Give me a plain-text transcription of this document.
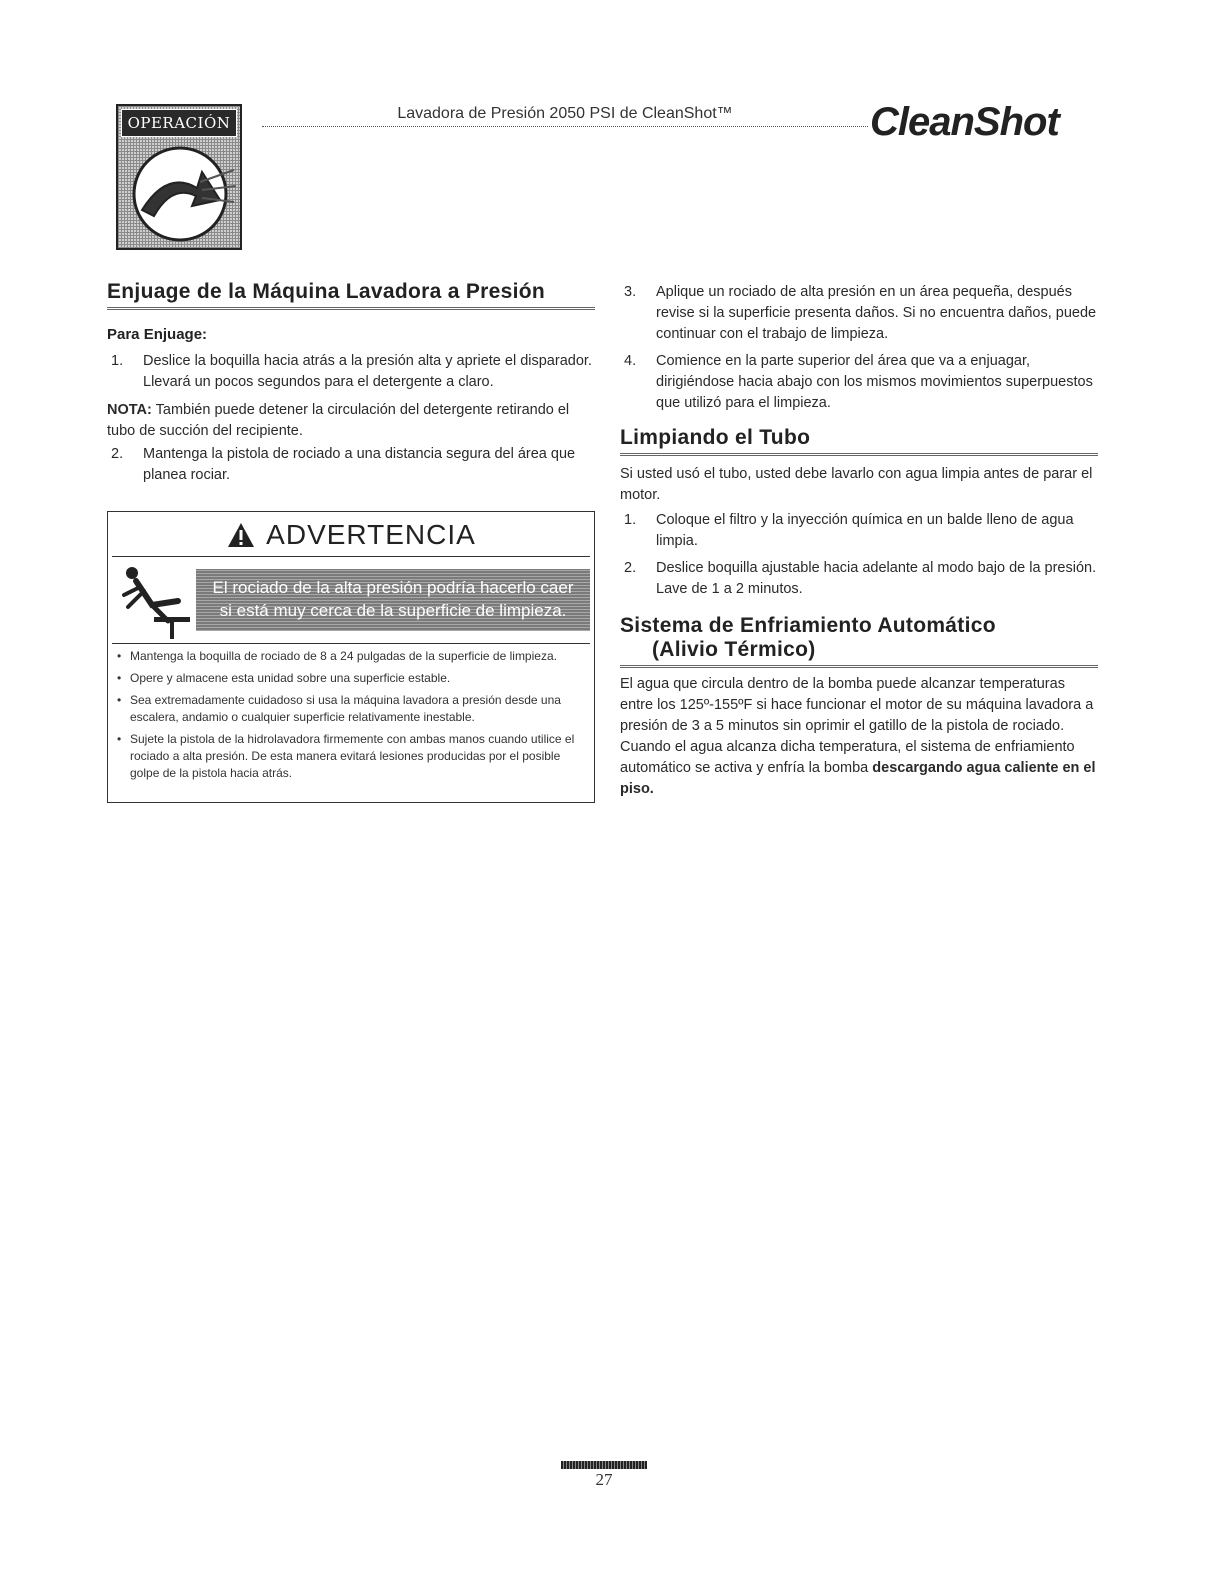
OPERACIÓN
Lavadora de Presión 2050 PSI de CleanShot™	CleanShot
Enjuage de la Máquina Lavadora a Presión
Para Enjuage:
1. Deslice la boquilla hacia atrás a la presión alta y apriete el disparador. Llevará un pocos segundos para el detergente a claro.
NOTA: También puede detener la circulación del detergente retirando el tubo de succión del recipiente.
2. Mantenga la pistola de rociado a una distancia segura del área que planea rociar.
ADVERTENCIA
El rociado de la alta presión podría hacerlo caer si está muy cerca de la superficie de limpieza.
• Mantenga la boquilla de rociado de 8 a 24 pulgadas de la superficie de limpieza.
• Opere y almacene esta unidad sobre una superficie estable.
• Sea extremadamente cuidadoso si usa la máquina lavadora a presión desde una escalera, andamio o cualquier superficie relativamente inestable.
• Sujete la pistola de la hidrolavadora firmemente con ambas manos cuando utilice el rociado a alta presión. De esta manera evitará lesiones producidas por el posible golpe de la pistola hacia atrás.
3. Aplique un rociado de alta presión en un área pequeña, después revise si la superficie presenta daños. Si no encuentra daños, puede continuar con el trabajo de limpieza.
4. Comience en la parte superior del área que va a enjuagar, dirigiéndose hacia abajo con los mismos movimientos superpuestos que utilizó para el limpieza.
Limpiando el Tubo
Si usted usó el tubo, usted debe lavarlo con agua limpia antes de parar el motor.
1. Coloque el filtro y la inyección química en un balde lleno de agua limpia.
2. Deslice boquilla ajustable hacia adelante al modo bajo de la presión. Lave de 1 a 2 minutos.
Sistema de Enfriamiento Automático
(Alivio Térmico)
El agua que circula dentro de la bomba puede alcanzar temperaturas entre los 125º-155ºF si hace funcionar el motor de su máquina lavadora a presión de 3 a 5 minutos sin oprimir el gatillo de la pistola de rociado. Cuando el agua alcanza dicha temperatura, el sistema de enfriamiento automático se activa y enfría la bomba descargando agua caliente en el piso.
27
